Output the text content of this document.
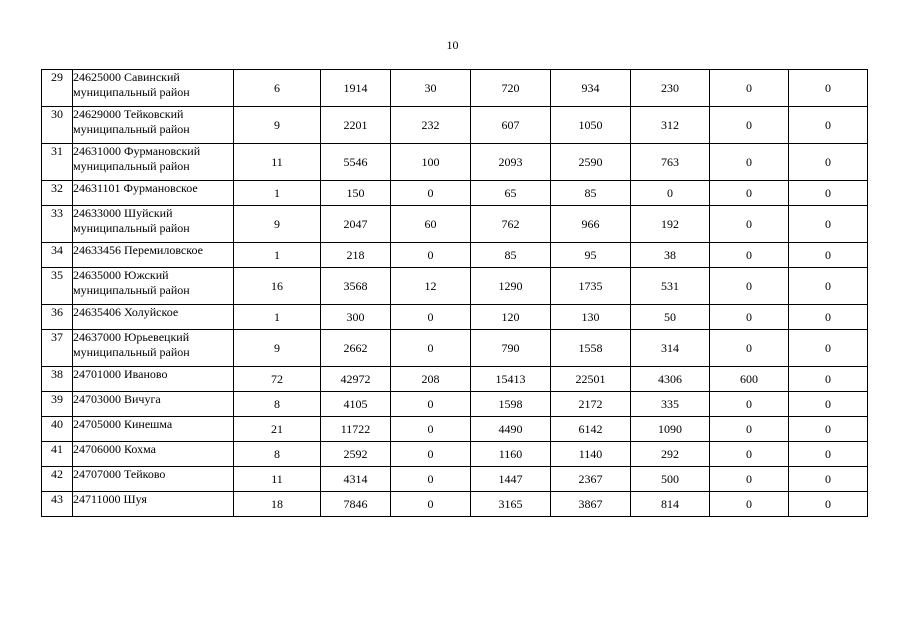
10
29	24625000 Савинский муниципальный район	6	1914	30	720	934	230	0	0
30	24629000 Тейковский муниципальный район	9	2201	232	607	1050	312	0	0
31	24631000 Фурмановский муниципальный район	11	5546	100	2093	2590	763	0	0
32	24631101 Фурмановское	1	150	0	65	85	0	0	0
33	24633000 Шуйский муниципальный район	9	2047	60	762	966	192	0	0
34	24633456 Перемиловское	1	218	0	85	95	38	0	0
35	24635000 Южский муниципальный район	16	3568	12	1290	1735	531	0	0
36	24635406 Холуйское	1	300	0	120	130	50	0	0
37	24637000 Юрьевецкий муниципальный район	9	2662	0	790	1558	314	0	0
38	24701000 Иваново	72	42972	208	15413	22501	4306	600	0
39	24703000 Вичуга	8	4105	0	1598	2172	335	0	0
40	24705000 Кинешма	21	11722	0	4490	6142	1090	0	0
41	24706000 Кохма	8	2592	0	1160	1140	292	0	0
42	24707000 Тейково	11	4314	0	1447	2367	500	0	0
43	24711000 Шуя	18	7846	0	3165	3867	814	0	0
